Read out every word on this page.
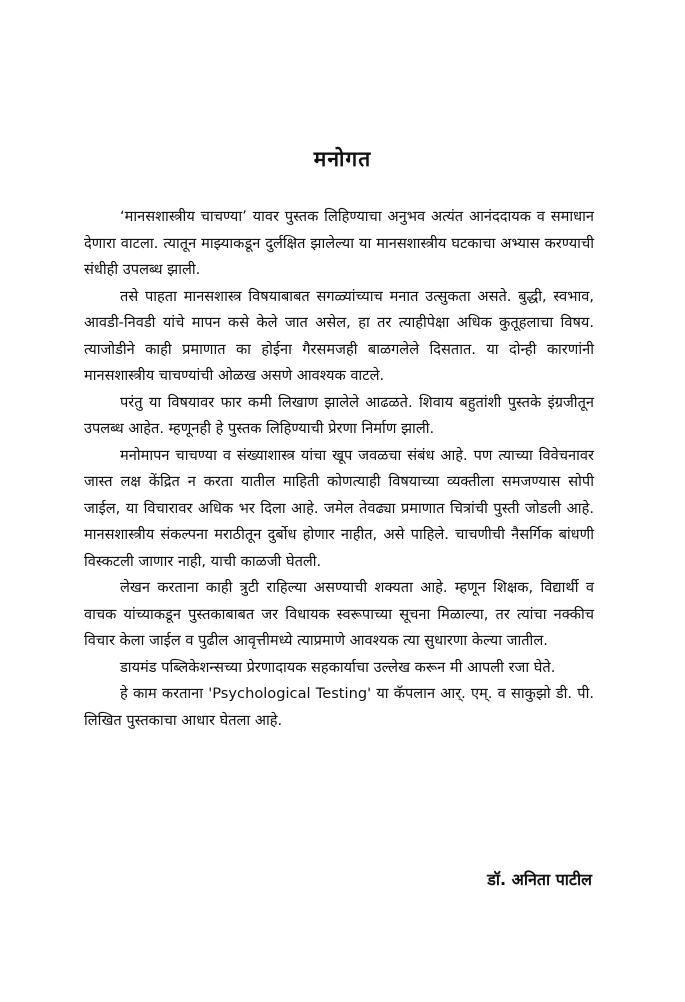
मनोगत

‘मानसशास्त्रीय चाचण्या’ यावर पुस्तक लिहिण्याचा अनुभव अत्यंत आनंददायक व समाधान देणारा वाटला. त्यातून माझ्याकडून दुर्लक्षित झालेल्या या मानसशास्त्रीय घटकाचा अभ्यास करण्याची संधीही उपलब्ध झाली.

तसे पाहता मानसशास्त्र विषयाबाबत सगळ्यांच्याच मनात उत्सुकता असते. बुद्धी, स्वभाव, आवडी-निवडी यांचे मापन कसे केले जात असेल, हा तर त्याहीपेक्षा अधिक कुतूहलाचा विषय. त्याजोडीने काही प्रमाणात का होईना गैरसमजही बाळगलेले दिसतात. या दोन्ही कारणांनी मानसशास्त्रीय चाचण्यांची ओळख असणे आवश्यक वाटले.

परंतु या विषयावर फार कमी लिखाण झालेले आढळते. शिवाय बहुतांशी पुस्तके इंग्रजीतून उपलब्ध आहेत. म्हणूनही हे पुस्तक लिहिण्याची प्रेरणा निर्माण झाली.

मनोमापन चाचण्या व संख्याशास्त्र यांचा खूप जवळचा संबंध आहे. पण त्याच्या विवेचनावर जास्त लक्ष केंद्रित न करता यातील माहिती कोणत्याही विषयाच्या व्यक्तीला समजण्यास सोपी जाईल, या विचारावर अधिक भर दिला आहे. जमेल तेवढ्या प्रमाणात चित्रांची पुस्ती जोडली आहे. मानसशास्त्रीय संकल्पना मराठीतून दुर्बोध होणार नाहीत, असे पाहिले. चाचणीची नैसर्गिक बांधणी विस्कटली जाणार नाही, याची काळजी घेतली.

लेखन करताना काही त्रुटी राहिल्या असण्याची शक्यता आहे. म्हणून शिक्षक, विद्यार्थी व वाचक यांच्याकडून पुस्तकाबाबत जर विधायक स्वरूपाच्या सूचना मिळाल्या, तर त्यांचा नक्कीच विचार केला जाईल व पुढील आवृत्तीमध्ये त्याप्रमाणे आवश्यक त्या सुधारणा केल्या जातील.

डायमंड पब्लिकेशन्सच्या प्रेरणादायक सहकार्याचा उल्लेख करून मी आपली रजा घेते.

हे काम करताना 'Psychological Testing' या कॅपलान आर्. एम्. व साकुझो डी. पी. लिखित पुस्तकाचा आधार घेतला आहे.

डॉ. अनिता पाटील
